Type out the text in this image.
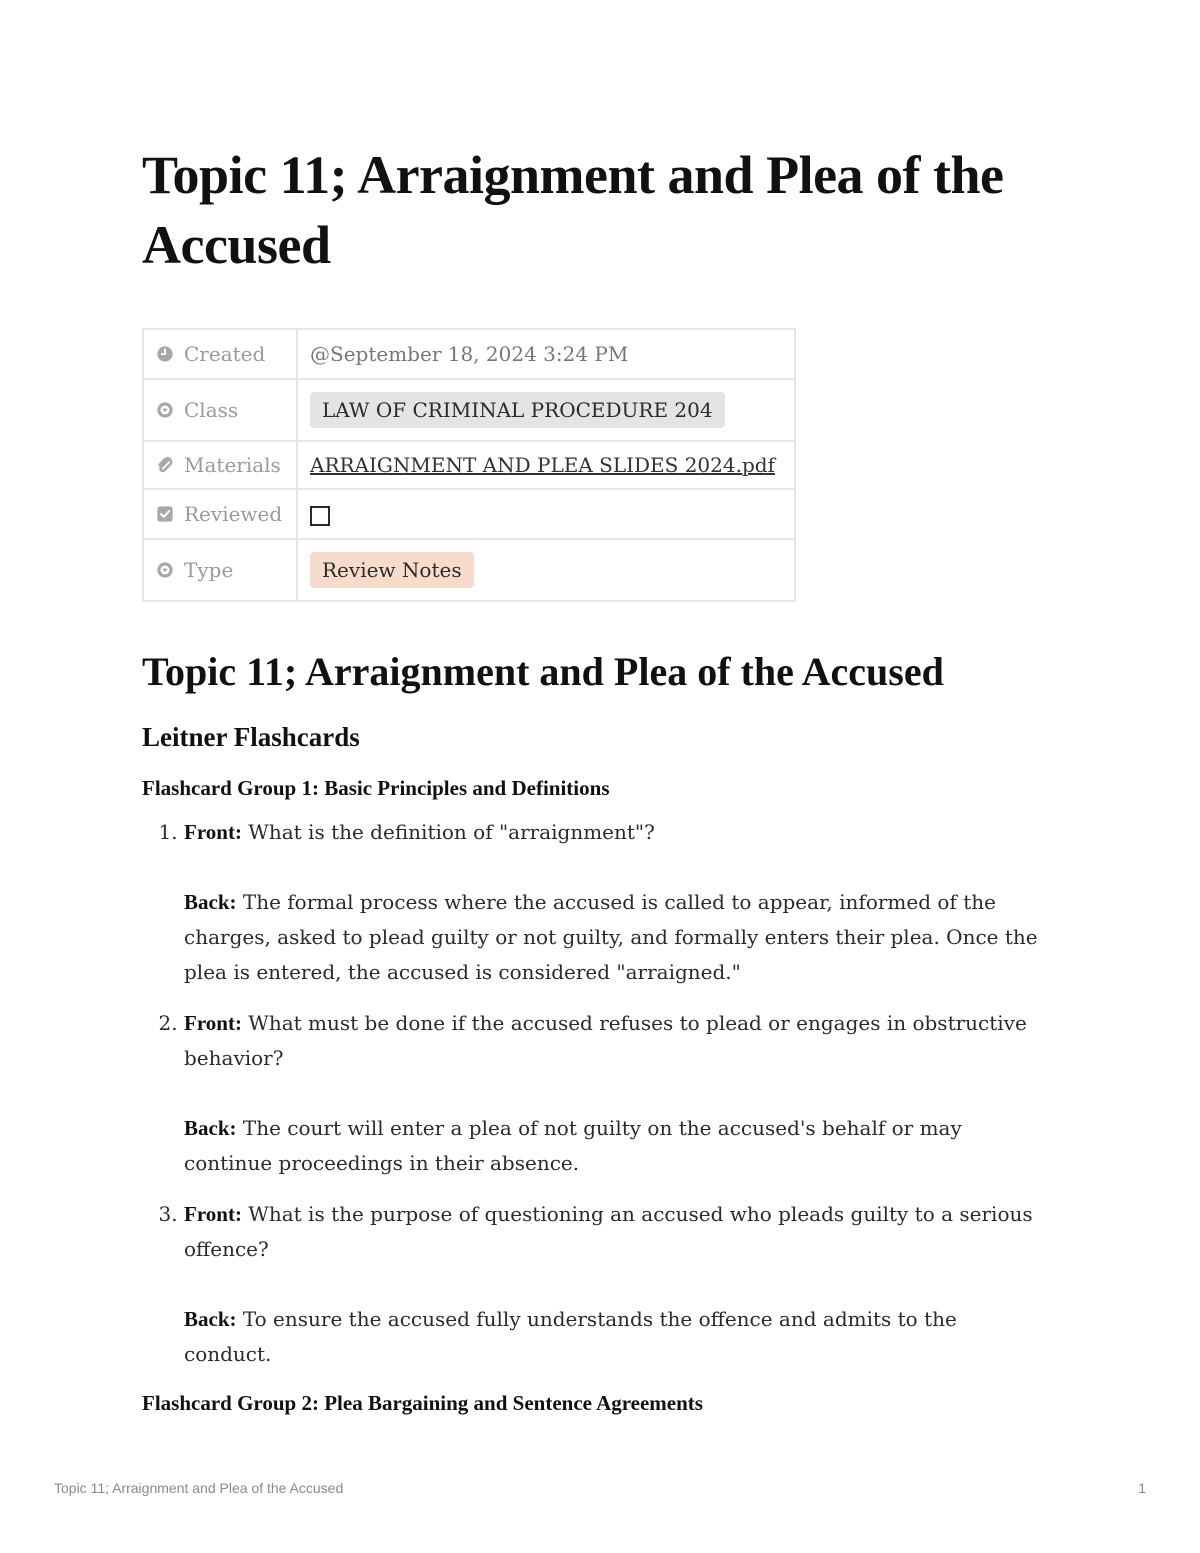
Topic 11; Arraignment and Plea of the Accused
Created	@September 18, 2024 3:24 PM

Class	LAW OF CRIMINAL PROCEDURE 204

Materials	ARRAIGNMENT AND PLEA SLIDES 2024.pdf

Reviewed	

Type	Review Notes
Topic 11; Arraignment and Plea of the Accused
Leitner Flashcards
Flashcard Group 1: Basic Principles and Definitions
1. Front: What is the definition of "arraignment"?
Back: The formal process where the accused is called to appear, informed of the charges, asked to plead guilty or not guilty, and formally enters their plea. Once the plea is entered, the accused is considered "arraigned."
2. Front: What must be done if the accused refuses to plead or engages in obstructive behavior?
Back: The court will enter a plea of not guilty on the accused's behalf or may continue proceedings in their absence.
3. Front: What is the purpose of questioning an accused who pleads guilty to a serious offence?
Back: To ensure the accused fully understands the offence and admits to the conduct.
Flashcard Group 2: Plea Bargaining and Sentence Agreements
Topic 11; Arraignment and Plea of the Accused	1
